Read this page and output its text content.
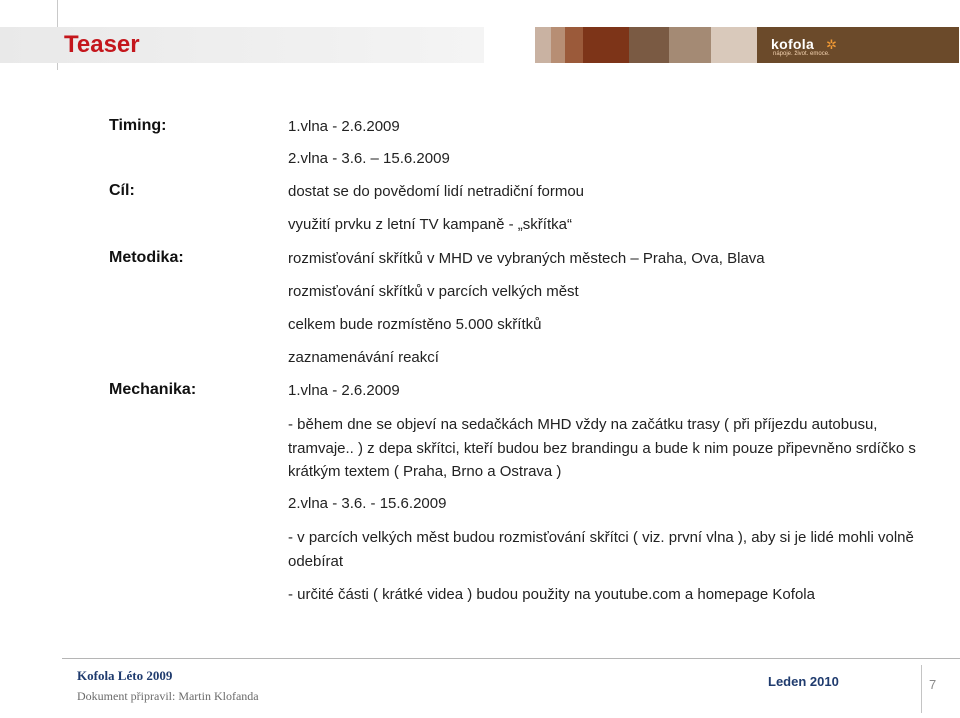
Teaser	kofola ✲
nápoje. život. emoce.
Timing:	1.vlna - 2.6.2009
2.vlna - 3.6. – 15.6.2009
Cíl:	dostat se do povědomí lidí netradiční formou
využití prvku z letní TV kampaně - „skřítka“
Metodika:	rozmisťování skřítků v MHD ve vybraných městech – Praha, Ova, Blava
rozmisťování skřítků v parcích velkých měst
celkem bude rozmístěno 5.000 skřítků
zaznamenávání reakcí
Mechanika:	1.vlna - 2.6.2009
- během dne se objeví na sedačkách MHD vždy na začátku trasy ( při příjezdu autobusu, tramvaje.. ) z depa skřítci, kteří budou bez brandingu a bude k nim pouze připevněno srdíčko s krátkým textem ( Praha, Brno a Ostrava )
2.vlna - 3.6. - 15.6.2009
- v parcích velkých měst budou rozmisťování skřítci ( viz. první vlna ), aby si je lidé mohli volně odebírat
- určité části ( krátké videa ) budou použity na youtube.com a homepage Kofola
Kofola Léto 2009
Dokument připravil: Martin Klofanda
Leden 2010	7
